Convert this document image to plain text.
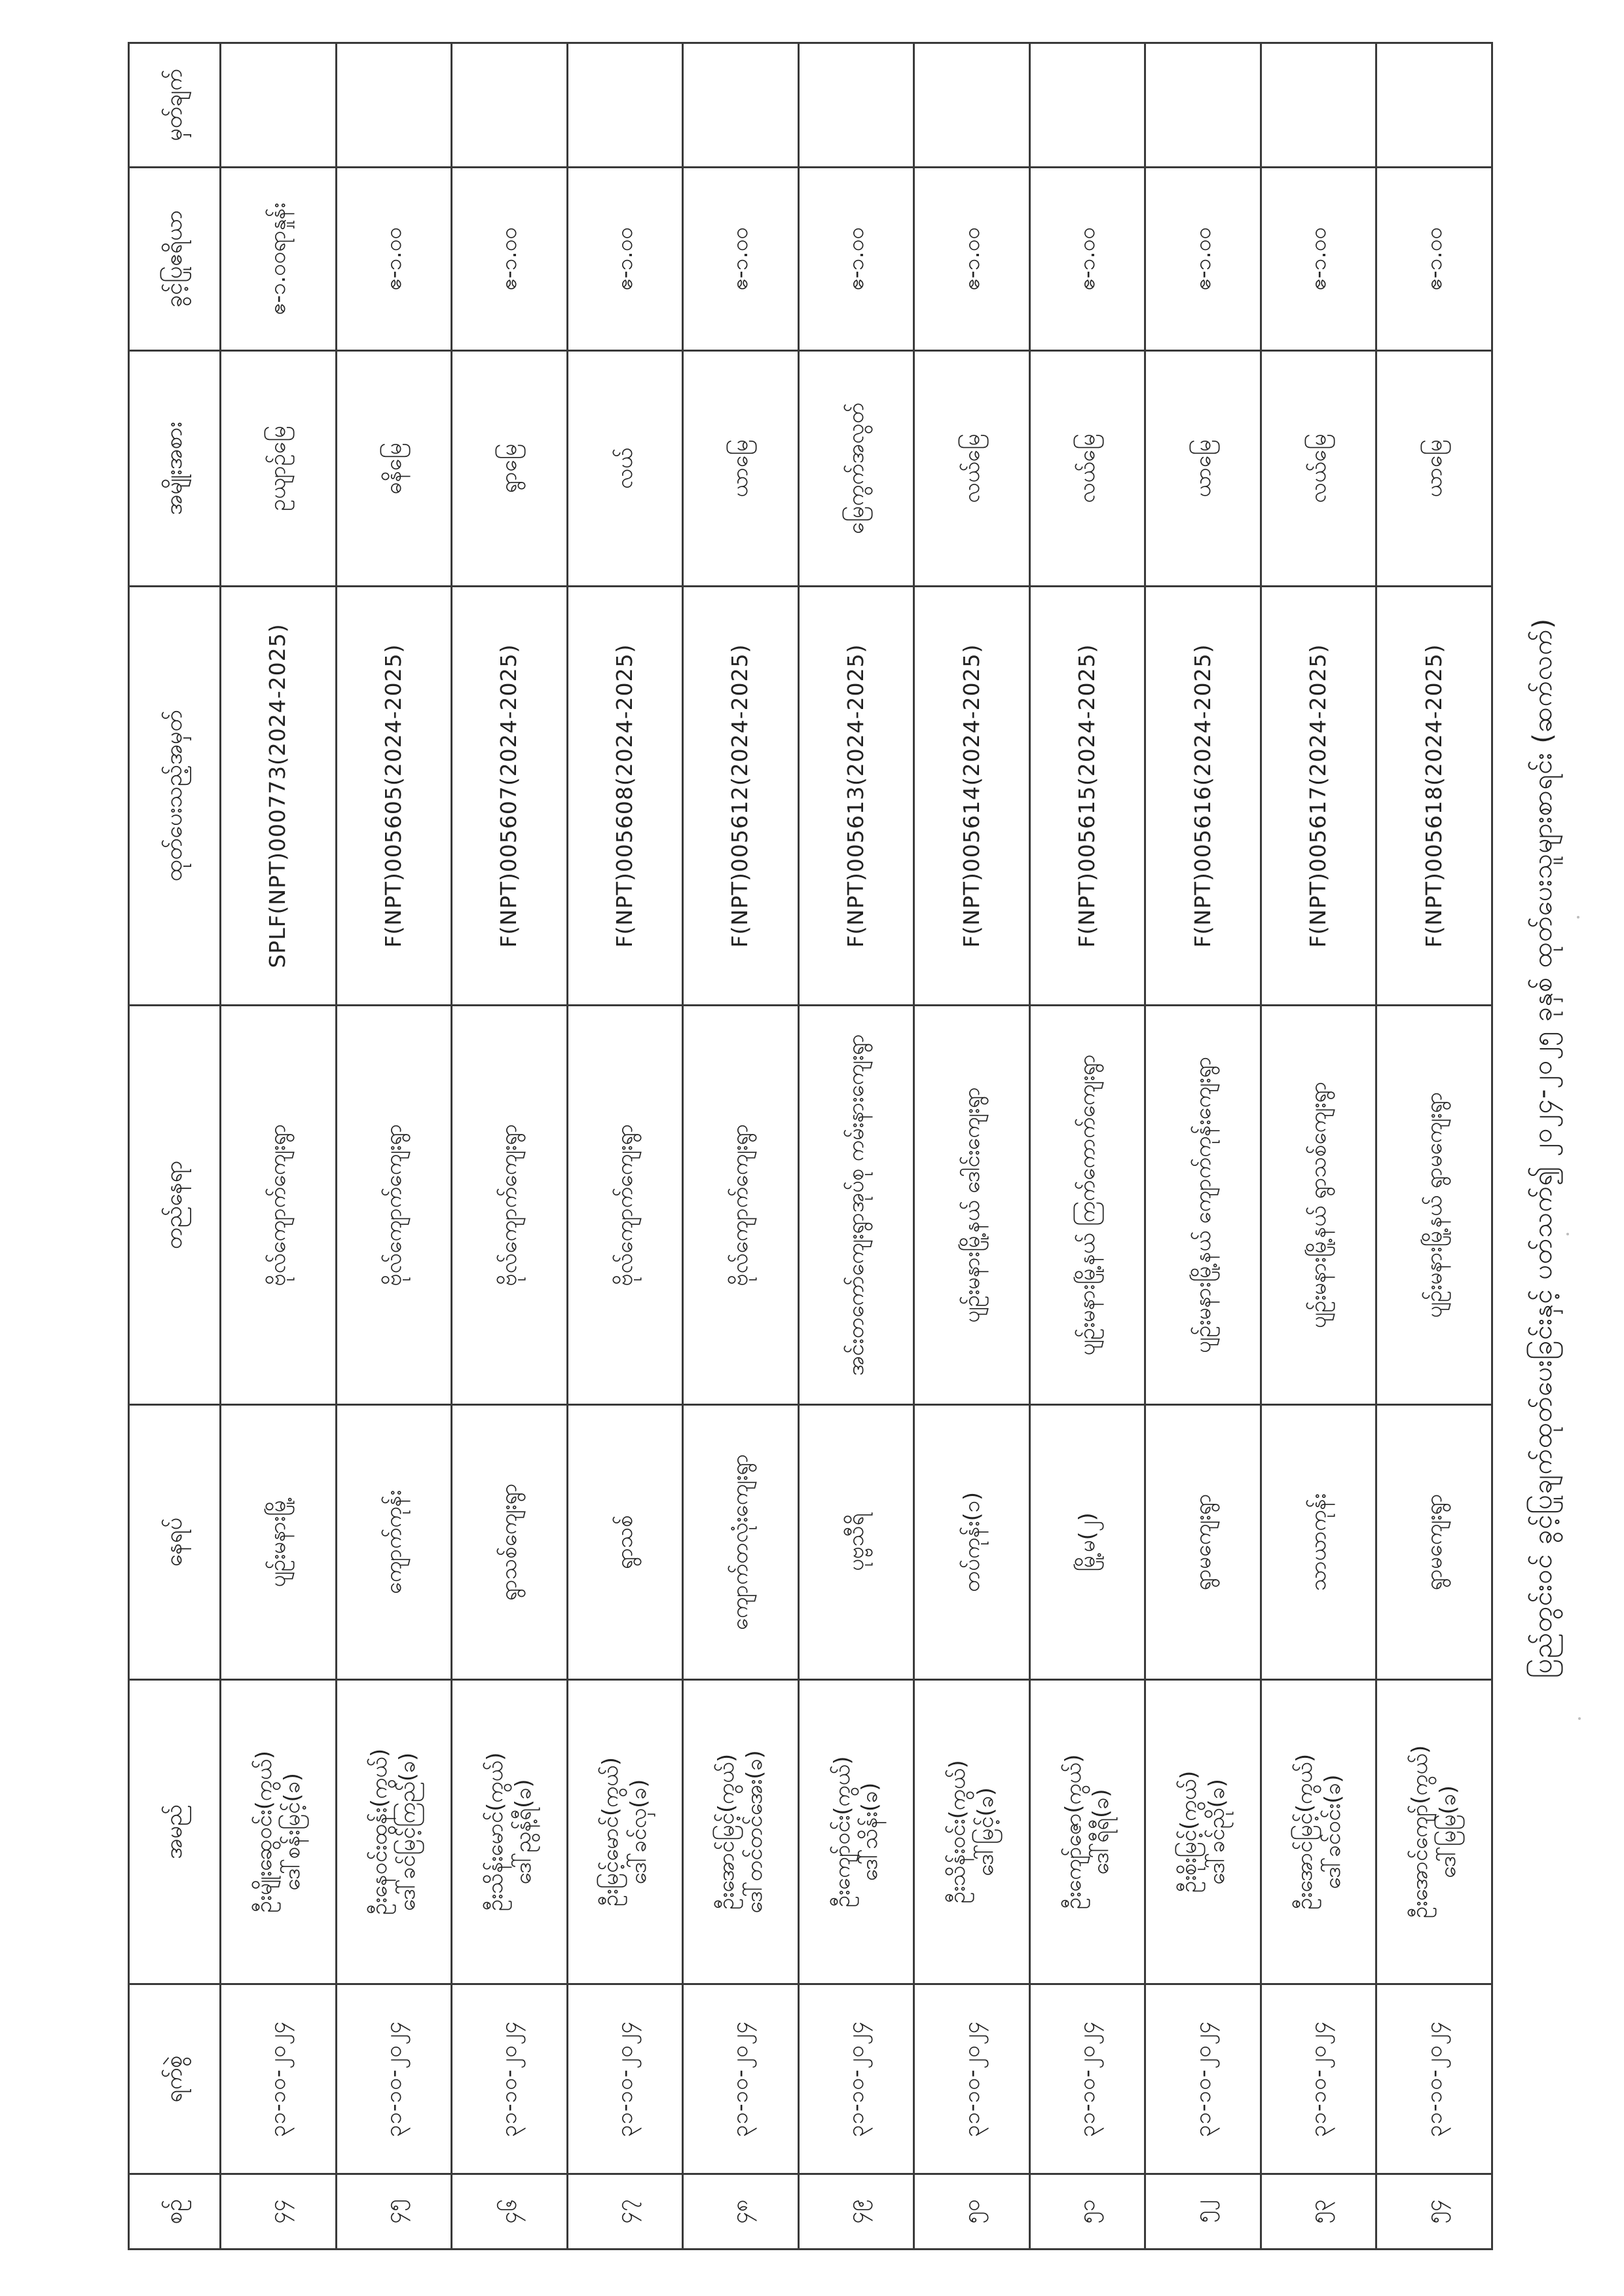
ပြည်တွင်းဝင် ခွင့်ပြုချက်ထုတ်ပေးခြင်းနှင့် ပတ်သက်၍ ၂၀၂၄-၂၀၂၅ ခုနှစ် ထုတ်ပေးသူများစာရင်း (ဆက်လက်)
စဉ်	ရက်စွဲ	အမည်	နေရပ်	တည်နေရာ	ထုတ်ပေးသည့်အမှတ်	အမျိုးအစား	ခွင့်ပြုဧရိယာ	မှတ်ချက်
၄၄	၃၁-၁၀-၂၀၂၄	ဦးမျိုးဆွေဝင်း(ကွယ်) ဒေါ်စန်းမြင့်(ခ)	ပျဉ်းမနားမြို့	ဗိုလ်ကျောက်ကျေးရွာ	SPLF(NPT)000773(2024-2025)	ဥယျာဉ်မြေ	ဧ-၁.၀၀ရာနှုန်း	
၄၅	၃၁-၁၀-၂၀၂၄	ဦးနေဝင်းထွန်း(ကွယ်) ဒေါ်ခင်မြင့်ကြည်(ခ)	ကျောက်ကုန်း	ဗိုလ်ကျောက်ကျေးရွာ	F(NPT)005605(2024-2025)	ဓနိမြေ	ဧ-၁.၀၀	
၄၆	၃၁-၁၀-၂၀၂၄	ဦးသိန်းမောင်(ကွယ်) ဒေါ်ညွန့်ရီ(ခ)	ရွာသစ်ကျေးရွာ	ဗိုလ်ကျောက်ကျေးရွာ	F(NPT)005607(2024-2025)	ရွာမြေ	ဧ-၁.၀၀	
၄၇	၃၁-၁၀-၂၀၂၄	ဦးမြင့်မောင်(ကွယ်) ဒေါ်ခင်လှ(ခ)	ရွာသစ်	ဗိုလ်ကျောက်ကျေးရွာ	F(NPT)005608(2024-2025)	လယ်	ဧ-၁.၀၀	
၄၈	၃၁-၁၀-၂၀၂၄	ဦးအောင်မြင့်(ကွယ်) ဒေါ်တင်တင်အေး(ခ)	ကျောက်တလုံးကျေးရွာ	ဗိုလ်ကျောက်ကျေးရွာ	F(NPT)005612(2024-2025)	ယာမြေ	ဧ-၁.၀၀	
၄၉	၃၁-၁၀-၂၀၂၄	ဦးကျော်ဝင်း(ကွယ်) ဒေါ်သိန်း(ခ)	ပုဗ္ဗသီရိ	အင်းတကော်ကျေးရွာအုပ်စု ကမ်းနားကျေးရွာ	F(NPT)005613(2024-2025)	မြေကွက်အလွတ်	ဧ-၁.၀၀	
၅၀	၃၁-၁၀-၂၀၂၄	ဦးသိန်းဝင်း(ကွယ်) ဒေါ်မြင့်(ခ)	တပ်ကုန်း(၁)	ပျဉ်းမနားမြို့နယ် ဒေါင်းကျေးရွာ	F(NPT)005614(2024-2025)	လယ်မြေ	ဧ-၁.၀၀	
၅၁	၃၁-၁၀-၂၀၂၄	ဦးကျော်ဇော(ကွယ်) ဒေါ်ရီရီ(ခ)	မြို့မ(၂)	ပျဉ်းမနားမြို့နယ် ကြက်ကောက်ကျေးရွာ	F(NPT)005615(2024-2025)	လယ်မြေ	ဧ-၁.၀၀	
၅၂	၃၁-၁၀-၂၀၂၄	ဦးစိုးမြင့်(ကွယ်) ဒေါ်ခင်ညို(ခ)	ရွာမကျေးရွာ	ပျဉ်းမနားမြို့နယ် ကျောက်ကုန်းကျေးရွာ	F(NPT)005616(2024-2025)	ယာမြေ	ဧ-၁.၀၀	
၅၃	၃၁-၁၀-၂၀၂၄	ဦးအောင်မြင့်(ကွယ်) ဒေါ်ခင်ဝင်း(ခ)	သာယာကုန်း	ပျဉ်းမနားမြို့နယ် ရွာသစ်ကျေးရွာ	F(NPT)005617(2024-2025)	လယ်မြေ	ဧ-၁.၀၀	
၅၄	၃၁-၁၀-၂၀၂၄	ဦးအောင်ကျော်(ကွယ်) ဒေါ်မြမြ(ခ)	ရွာမကျေးရွာ	ပျဉ်းမနားမြို့နယ် ရွာမကျေးရွာ	F(NPT)005618(2024-2025)	ယာမြေ	ဧ-၁.၀၀	
